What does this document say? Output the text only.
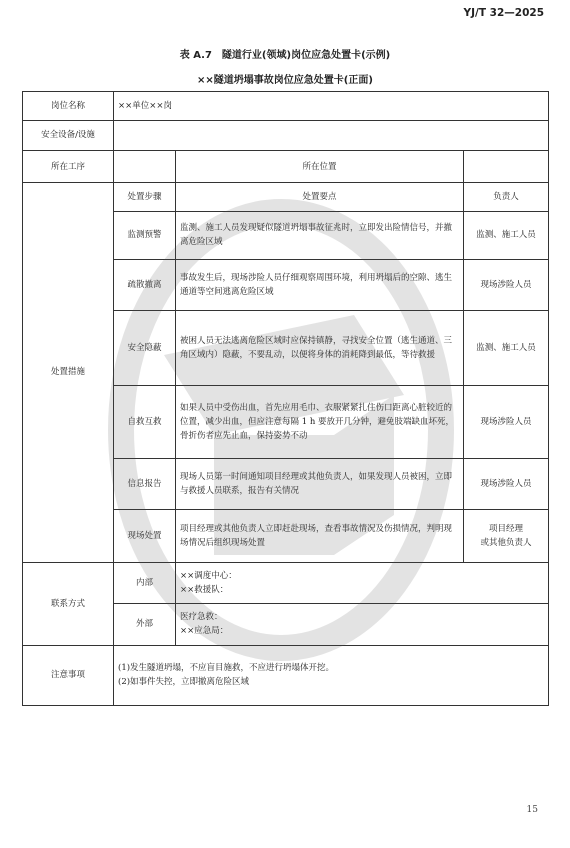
YJ/T 32—2025
表 A.7　隧道行业(领域)岗位应急处置卡(示例)
××隧道坍塌事故岗位应急处置卡(正面)
岗位名称	××单位××岗		
安全设备/设施			
所在工序		所在位置	
处置措施	处置步骤	处置要点	负责人
	监测预警	监测、施工人员发现疑似隧道坍塌事故征兆时，立即发出险情信号，并撤离危险区域	监测、施工人员
	疏散撤离	事故发生后，现场涉险人员仔细观察周围环境，利用坍塌后的空隙、逃生通道等空间逃离危险区域	现场涉险人员
	安全隐蔽	被困人员无法逃离危险区域时应保持镇静，寻找安全位置（逃生通道、三角区域内）隐蔽，不要乱动，以便将身体的消耗降到最低，等待救援	监测、施工人员
	自救互救	如果人员中受伤出血，首先应用毛巾、衣服紧紧扎住伤口距离心脏较近的位置，减少出血，但应注意每隔 1 h 要放开几分钟，避免肢端缺血坏死，骨折伤者应先止血，保持姿势不动	现场涉险人员
	信息报告	现场人员第一时间通知项目经理或其他负责人，如果发现人员被困，立即与救援人员联系，报告有关情况	现场涉险人员
	现场处置	项目经理或其他负责人立即赶赴现场，查看事故情况及伤损情况，判明现场情况后组织现场处置	项目经理
或其他负责人
联系方式	内部	××调度中心：
××救援队：	

	外部	医疗急救：
××应急局：	

注意事项	(1)发生隧道坍塌，不应盲目施救，不应进行坍塌体开挖。
(2)如事件失控，立即撤离危险区域		
15
